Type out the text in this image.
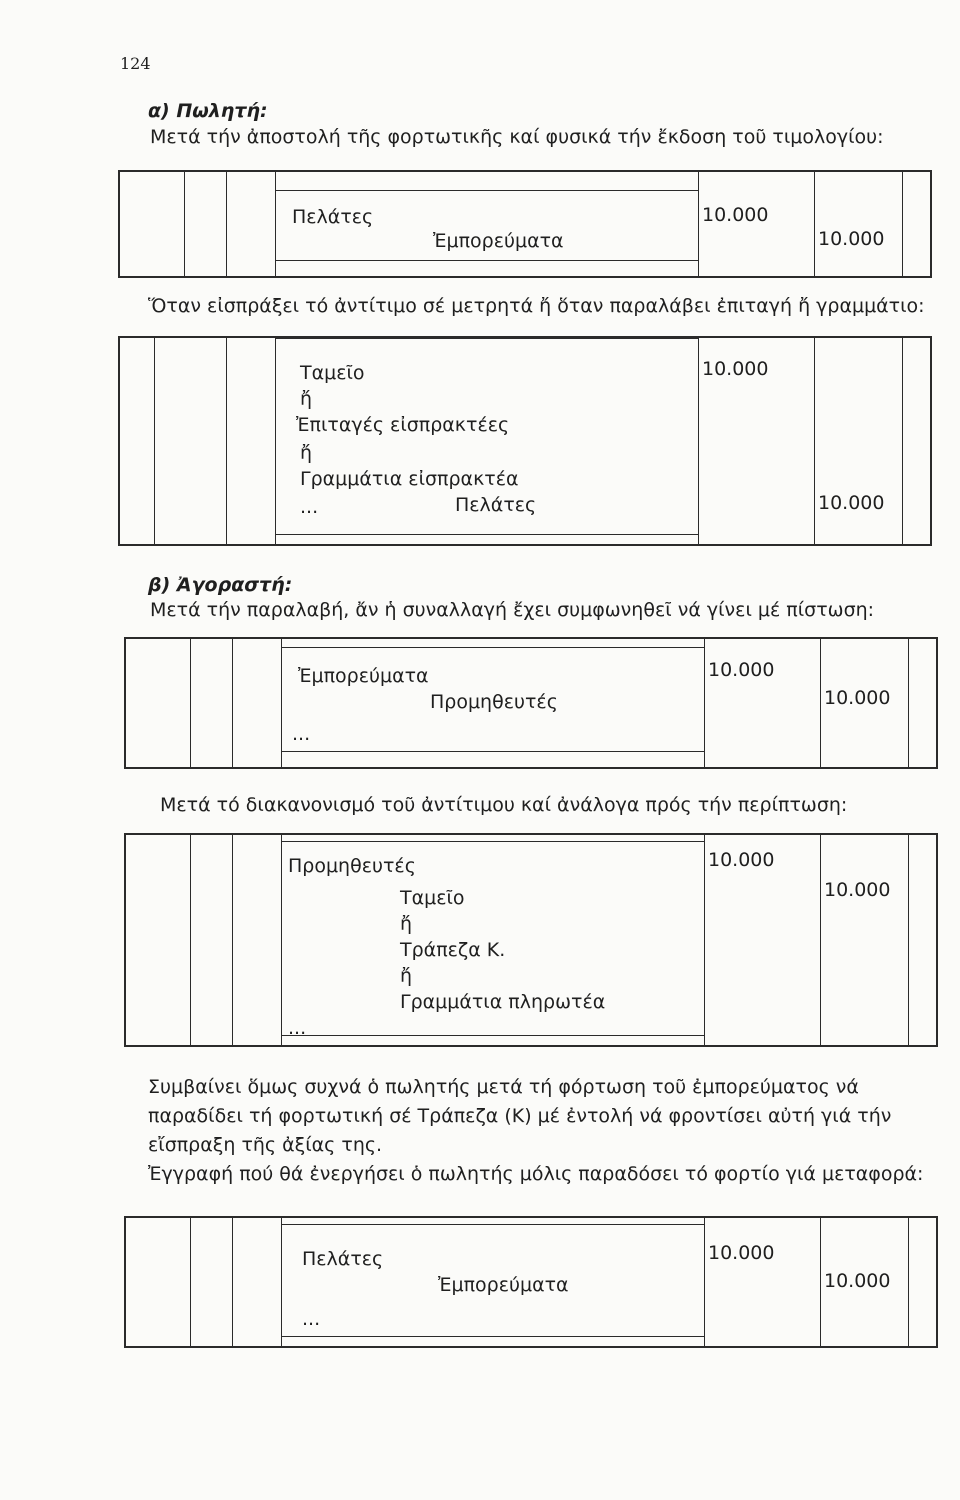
124
α) Πωλητή:
Μετά τήν ἀποστολή τῆς φορτωτικῆς καί φυσικά τήν ἔκδοση τοῦ τιμολογίου:
Πελάτες
Ἐμπορεύματα
10.000
10.000
Ὅταν εἰσπράξει τό ἀντίτιμο σέ μετρητά ἤ ὅταν παραλάβει ἐπιταγή ἤ γραμμάτιο:
Ταμεῖο
ἤ
Ἐπιταγές εἰσπρακτέες
ἤ
Γραμμάτια εἰσπρακτέα
...	Πελάτες
10.000
10.000
β) Ἀγοραστή:
Μετά τήν παραλαβή, ἄν ἡ συναλλαγή ἔχει συμφωνηθεῖ νά γίνει μέ πίστωση:
Ἐμπορεύματα
Προμηθευτές
...
10.000
10.000
Μετά τό διακανονισμό τοῦ ἀντίτιμου καί ἀνάλογα πρός τήν περίπτωση:
Προμηθευτές
Ταμεῖο
ἤ
Τράπεζα Κ.
ἤ
Γραμμάτια πληρωτέα
...
10.000
10.000
Συμβαίνει ὅμως συχνά ὁ πωλητής μετά τή φόρτωση τοῦ ἐμπορεύματος νά παραδίδει τή φορτωτική σέ Τράπεζα (Κ) μέ ἐντολή νά φροντίσει αὐτή γιά τήν εἴσπραξη τῆς ἀξίας της.
Ἐγγραφή πού θά ἐνεργήσει ὁ πωλητής μόλις παραδόσει τό φορτίο γιά μεταφορά:
Πελάτες
Ἐμπορεύματα
...
10.000
10.000
